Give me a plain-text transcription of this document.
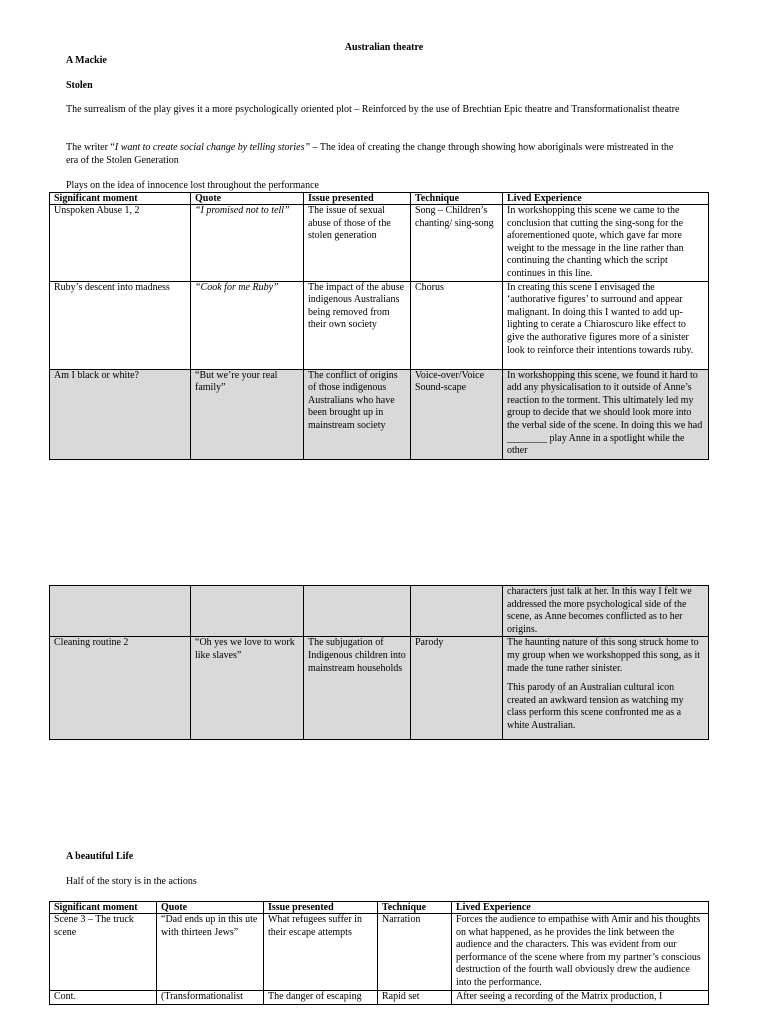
Australian theatre
A Mackie
Stolen
The surrealism of the play gives it a more psychologically oriented plot – Reinforced by the use of Brechtian Epic theatre and Transformationalist theatre
The writer “I want to create social change by telling stories” – The idea of creating the change through showing how aboriginals were mistreated in the era of the Stolen Generation
Plays on the idea of innocence lost throughout the performance
Significant moment	Quote	Issue presented	Technique	Lived Experience
Unspoken Abuse 1, 2	“I promised not to tell”	The issue of sexual abuse of those of the stolen generation	Song – Children’s chanting/ sing-song	In workshopping this scene we came to the conclusion that cutting the sing-song for the aforementioned quote, which gave far more weight to the message in the line rather than continuing the chanting which the script continues in this line.
Ruby’s descent into madness	“Cook for me Ruby”	The impact of the abuse indigenous Australians being removed from their own society	Chorus	In creating this scene I envisaged the ‘authorative figures’ to surround and appear malignant. In doing this I wanted to add up-lighting to cerate a Chiaroscuro like effect to give the authorative figures more of a sinister look to reinforce their intentions towards ruby.
Am I black or white?	“But we’re your real family”	The conflict of origins of those indigenous Australians who have been brought up in mainstream society	Voice-over/Voice Sound-scape	In workshopping this scene, we found it hard to add any physicalisation to it outside of Anne’s reaction to the torment. This ultimately led my group to decide that we should look more into the verbal side of the scene. In doing this we had ________ play Anne in a spotlight while the other
				characters just talk at her. In this way I felt we addressed the more psychological side of the scene, as Anne becomes conflicted as to her origins.
Cleaning routine 2	“Oh yes we love to work like slaves”	The subjugation of Indigenous children into mainstream households	Parody	The haunting nature of this song struck home to my group when we workshopped this song, as it made the tune rather sinister.
This parody of an Australian cultural icon created an awkward tension as watching my class perform this scene confronted me as a white Australian.
A beautiful Life
Half of the story is in the actions
Significant moment	Quote	Issue presented	Technique	Lived Experience
Scene 3 – The truck scene	“Dad ends up in this ute with thirteen Jews”	What refugees suffer in their escape attempts	Narration	Forces the audience to empathise with Amir and his thoughts on what happened, as he provides the link between the audience and the characters. This was evident from our performance of the scene where from my partner’s conscious destruction of the fourth wall obviously drew the audience into the performance.
Cont.	(Transformationalist	The danger of escaping	Rapid set	After seeing a recording of the Matrix production, I
